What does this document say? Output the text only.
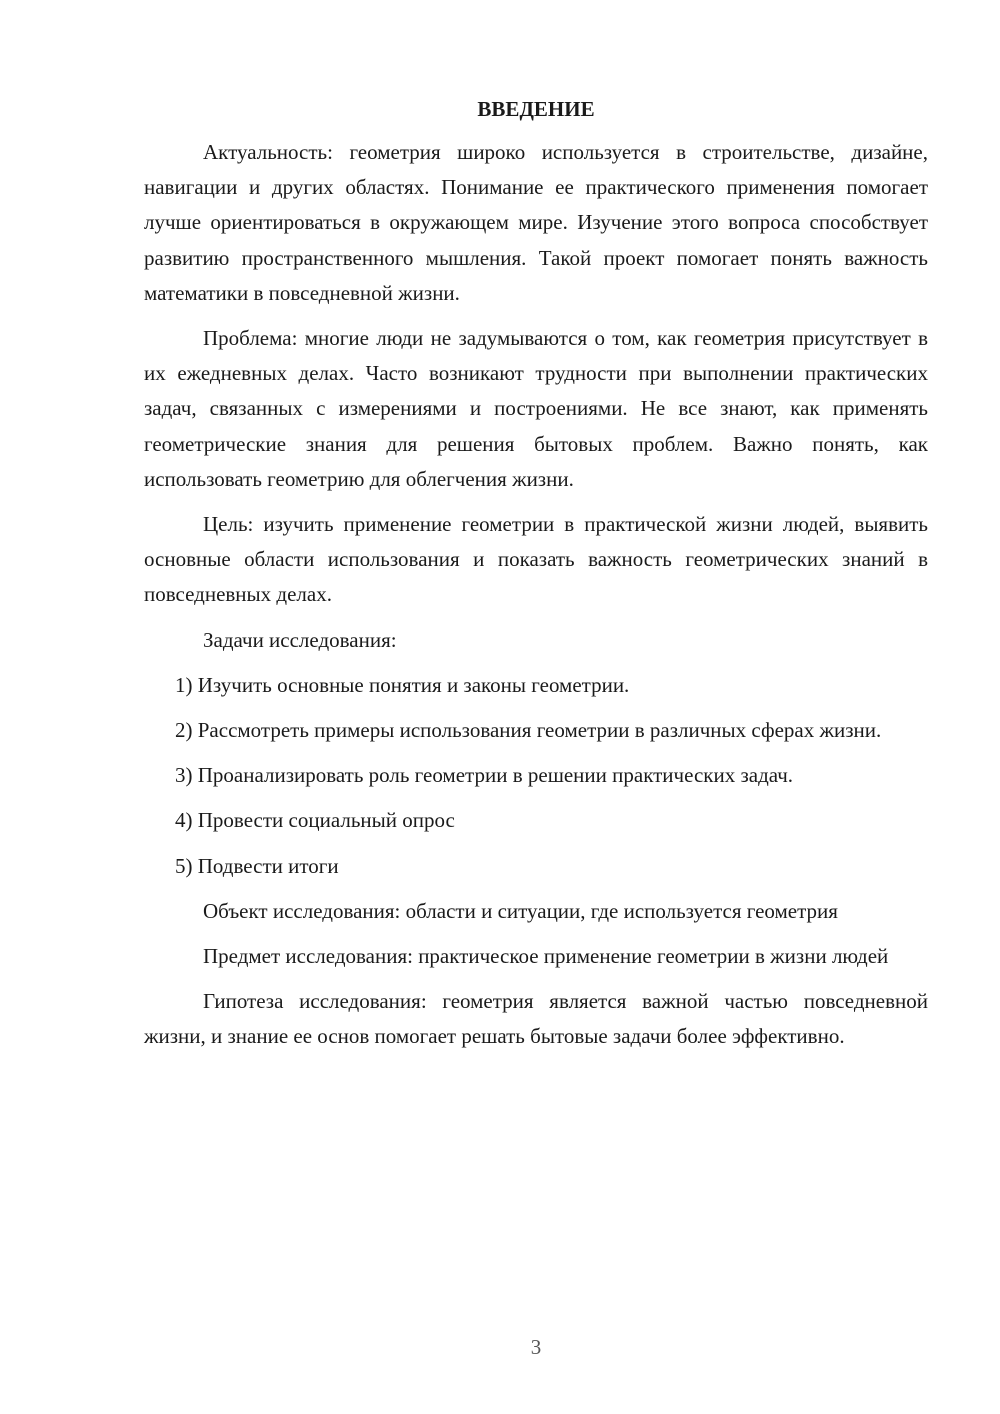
ВВЕДЕНИЕ

Актуальность: геометрия широко используется в строительстве, дизайне, навигации и других областях. Понимание ее практического применения помогает лучше ориентироваться в окружающем мире. Изучение этого вопроса способствует развитию пространственного мышления. Такой проект помогает понять важность математики в повседневной жизни.

Проблема: многие люди не задумываются о том, как геометрия присутствует в их ежедневных делах. Часто возникают трудности при выполнении практических задач, связанных с измерениями и построениями. Не все знают, как применять геометрические знания для решения бытовых проблем. Важно понять, как использовать геометрию для облегчения жизни.

Цель: изучить применение геометрии в практической жизни людей, выявить основные области использования и показать важность геометрических знаний в повседневных делах.

Задачи исследования:

1) Изучить основные понятия и законы геометрии.

2) Рассмотреть примеры использования геометрии в различных сферах жизни.

3) Проанализировать роль геометрии в решении практических задач.

4) Провести социальный опрос

5) Подвести итоги

Объект исследования: области и ситуации, где используется геометрия

Предмет исследования: практическое применение геометрии в жизни людей

Гипотеза исследования: геометрия является важной частью повседневной жизни, и знание ее основ помогает решать бытовые задачи более эффективно.

3
